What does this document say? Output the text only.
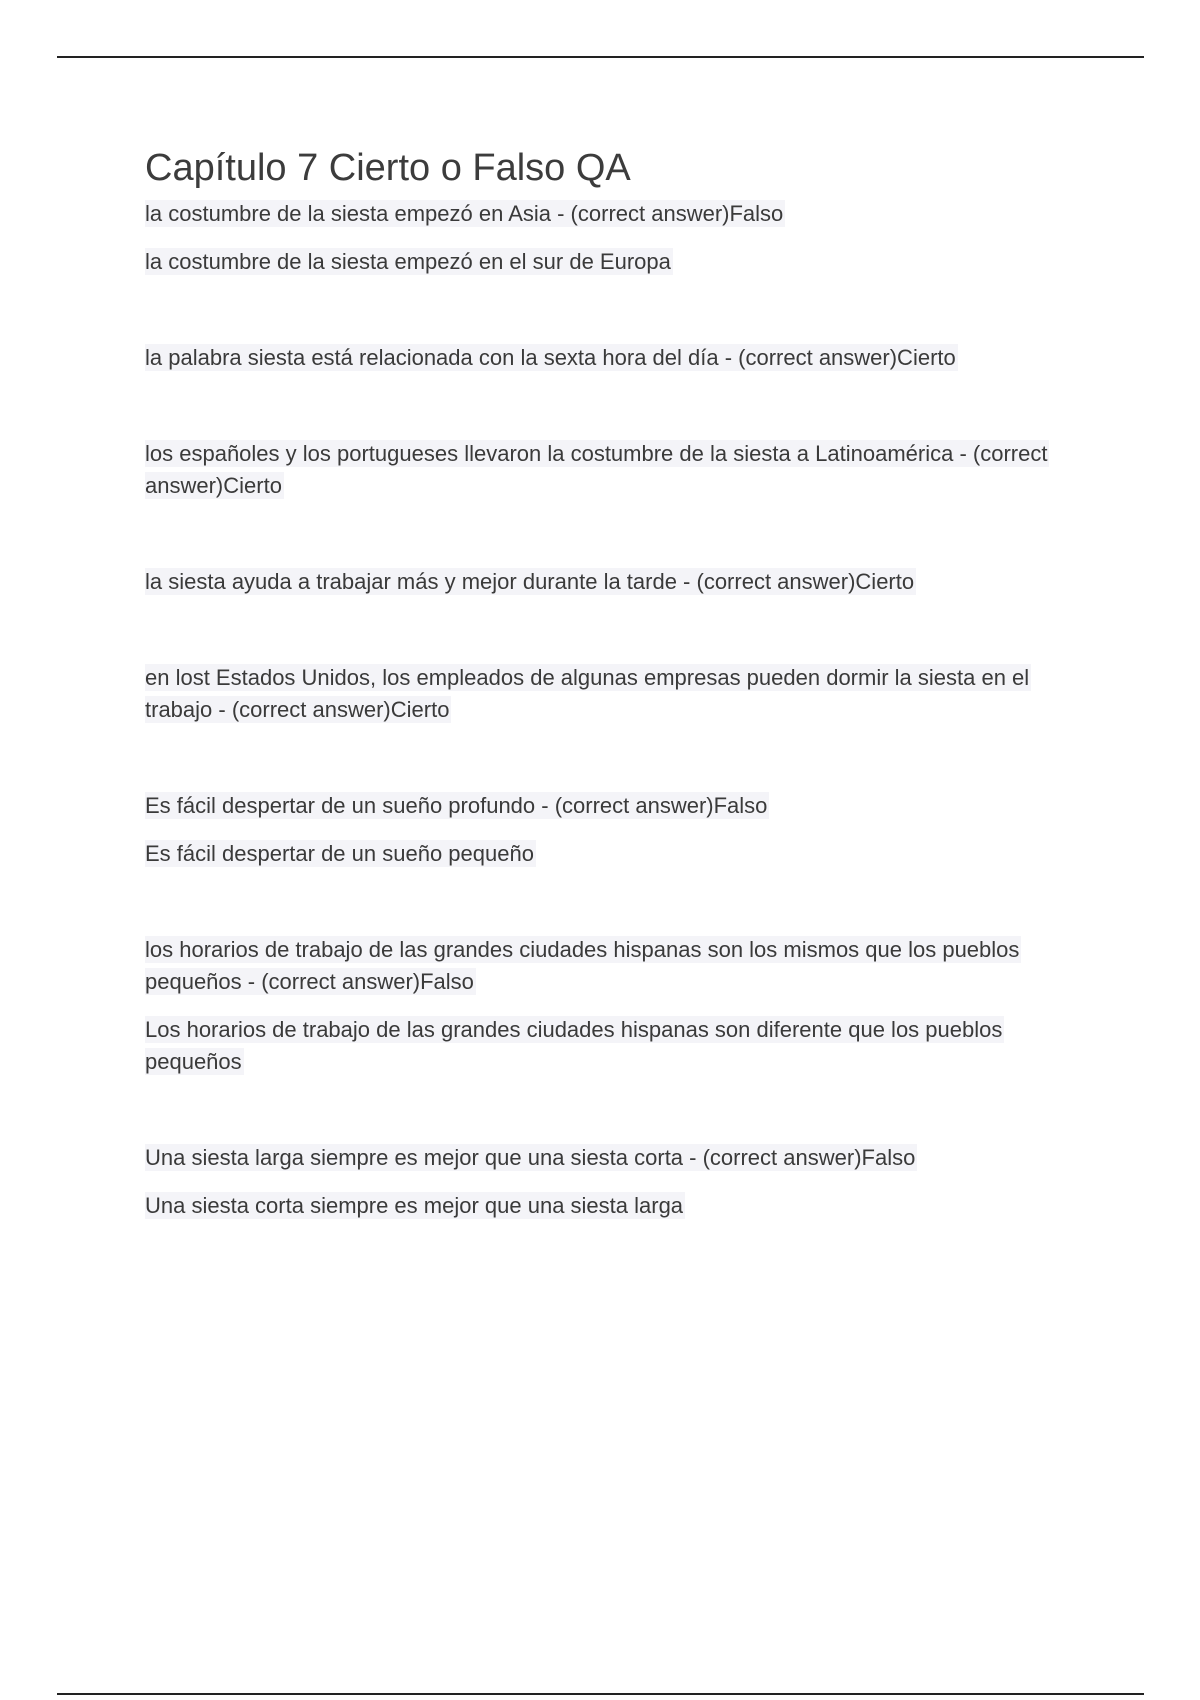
Capítulo 7 Cierto o Falso QA

la costumbre de la siesta empezó en Asia - (correct answer)Falso

la costumbre de la siesta empezó en el sur de Europa

la palabra siesta está relacionada con la sexta hora del día - (correct answer)Cierto

los españoles y los portugueses llevaron la costumbre de la siesta a Latinoamérica - (correct answer)Cierto

la siesta ayuda a trabajar más y mejor durante la tarde - (correct answer)Cierto

en lost Estados Unidos, los empleados de algunas empresas pueden dormir la siesta en el trabajo - (correct answer)Cierto

Es fácil despertar de un sueño profundo - (correct answer)Falso

Es fácil despertar de un sueño pequeño

los horarios de trabajo de las grandes ciudades hispanas son los mismos que los pueblos pequeños - (correct answer)Falso

Los horarios de trabajo de las grandes ciudades hispanas son diferente que los pueblos pequeños

Una siesta larga siempre es mejor que una siesta corta - (correct answer)Falso

Una siesta corta siempre es mejor que una siesta larga
